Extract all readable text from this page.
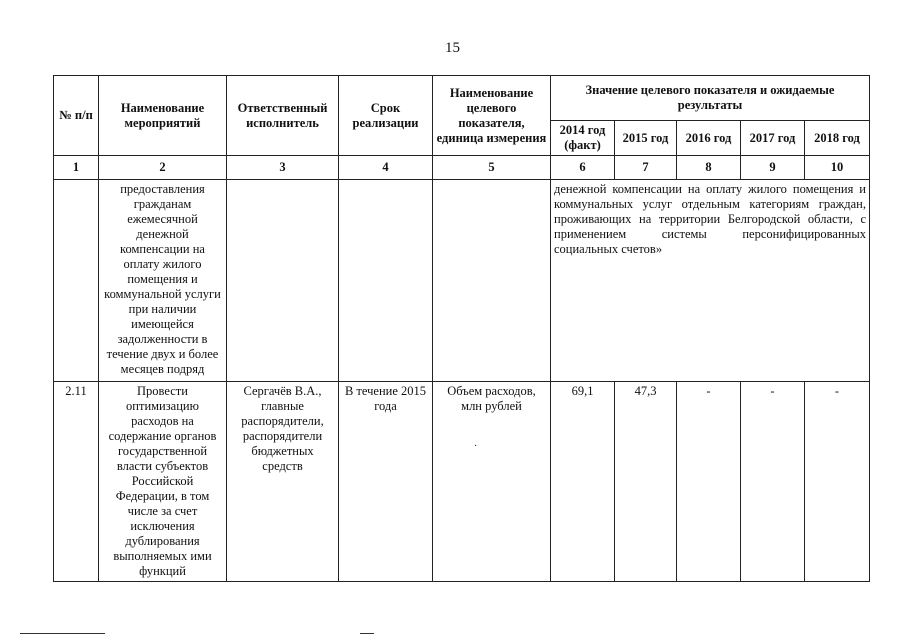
15
№ п/п	Наименование мероприятий	Ответственный исполнитель	Срок реализации	Наименование целевого показателя, единица измерения	Значение целевого показателя и ожидаемые результаты				
					2014 год (факт)	2015 год	2016 год	2017 год	2018 год
1	2	3	4	5	6	7	8	9	10
	предоставления гражданам ежемесячной денежной компенсации на оплату жилого помещения и коммунальной услуги при наличии имеющейся задолженности в течение двух и более месяцев подряд				денежной компенсации на оплату жилого помещения и коммунальных услуг отдельным категориям граждан, проживающих на территории Белгородской области, с применением системы персонифицированных социальных счетов»				
2.11	Провести оптимизацию расходов на содержание органов государственной власти субъектов Российской Федерации, в том числе за счет исключения дублирования выполняемых ими функций	Сергачёв В.А., главные распорядители, распорядители бюджетных средств	В течение 2015 года	Объем расходов, млн рублей	69,1	47,3	-	-	-
·
